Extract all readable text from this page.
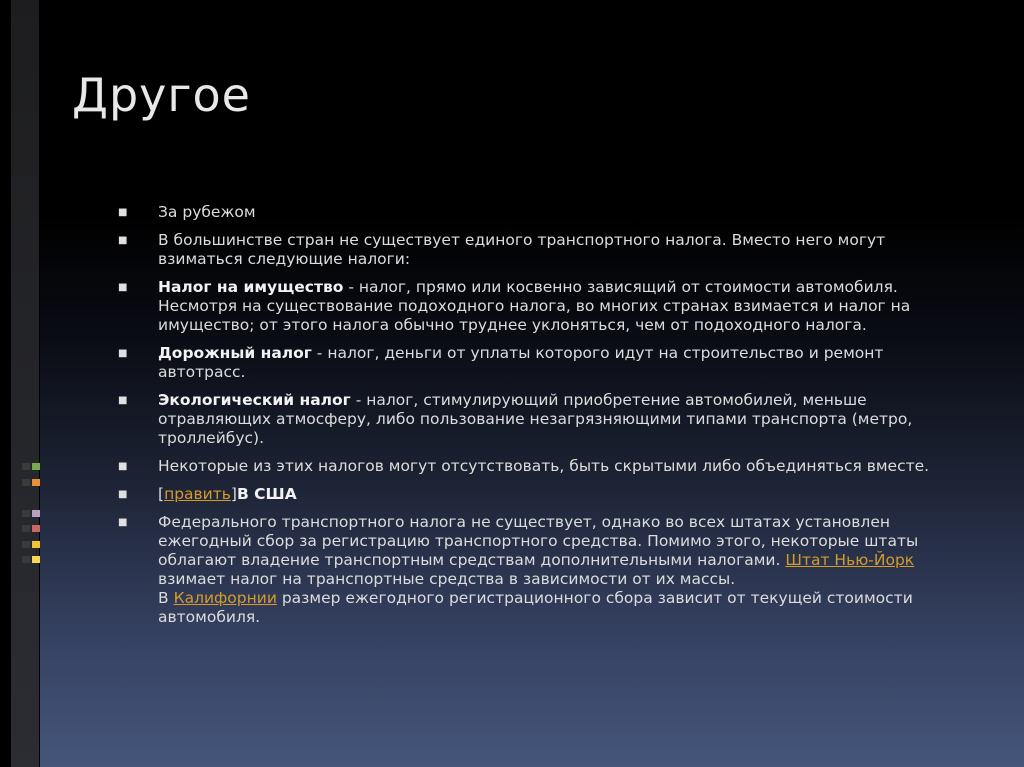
Другое
■ За рубежом
■ В большинстве стран не существует единого транспортного налога. Вместо него могут взиматься следующие налоги:
■ Налог на имущество - налог, прямо или косвенно зависящий от стоимости автомобиля. Несмотря на существование подоходного налога, во многих странах взимается и налог на имущество; от этого налога обычно труднее уклоняться, чем от подоходного налога.
■ Дорожный налог - налог, деньги от уплаты которого идут на строительство и ремонт автотрасс.
■ Экологический налог - налог, стимулирующий приобретение автомобилей, меньше отравляющих атмосферу, либо пользование незагрязняющими типами транспорта (метро, троллейбус).
■ Некоторые из этих налогов могут отсутствовать, быть скрытыми либо объединяться вместе.
■ [править]В США
■ Федерального транспортного налога не существует, однако во всех штатах установлен ежегодный сбор за регистрацию транспортного средства. Помимо этого, некоторые штаты облагают владение транспортным средствам дополнительными налогами. Штат Нью-Йорк взимает налог на транспортные средства в зависимости от их массы.
В Калифорнии размер ежегодного регистрационного сбора зависит от текущей стоимости автомобиля.
